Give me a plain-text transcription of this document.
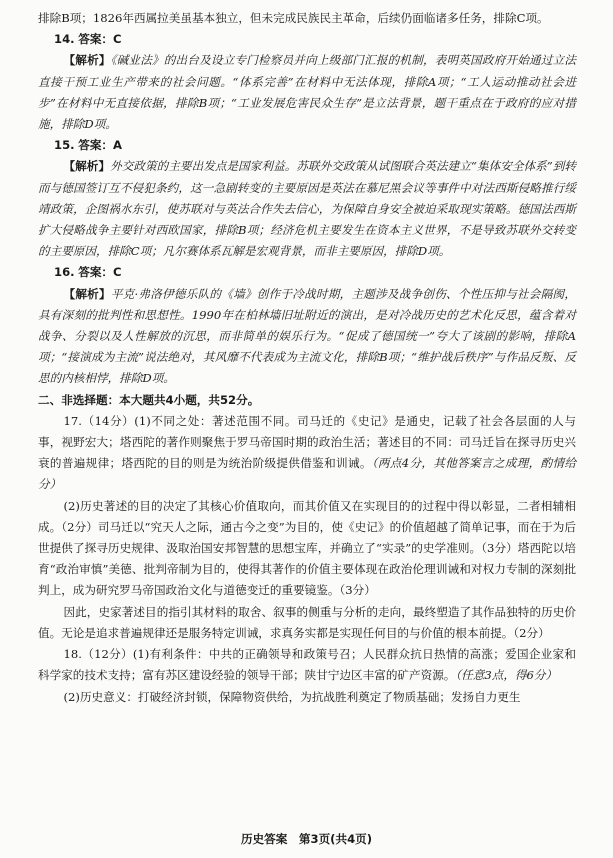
排除B项；1826年西属拉美虽基本独立，但未完成民族民主革命，后续仍面临诸多任务，排除C项。

14. 答案：C

【解析】《碱业法》的出台及设立专门检察员并向上级部门汇报的机制，表明英国政府开始通过立法直接干预工业生产带来的社会问题。“体系完善”在材料中无法体现，排除A项；“工人运动推动社会进步”在材料中无直接依据，排除B项；“工业发展危害民众生存”是立法背景，题干重点在于政府的应对措施，排除D项。

15. 答案：A

【解析】外交政策的主要出发点是国家利益。苏联外交政策从试图联合英法建立“集体安全体系”到转而与德国签订互不侵犯条约，这一急剧转变的主要原因是英法在慕尼黑会议等事件中对法西斯侵略推行绥靖政策，企图祸水东引，使苏联对与英法合作失去信心，为保障自身安全被迫采取现实策略。德国法西斯扩大侵略战争主要针对西欧国家，排除B项；经济危机主要发生在资本主义世界，不是导致苏联外交转变的主要原因，排除C项；凡尔赛体系瓦解是宏观背景，而非主要原因，排除D项。

16. 答案：C

【解析】平克·弗洛伊德乐队的《墙》创作于冷战时期，主题涉及战争创伤、个性压抑与社会隔阂，具有深刻的批判性和思想性。1990年在柏林墙旧址附近的演出，是对冷战历史的艺术化反思，蕴含着对战争、分裂以及人性解放的沉思，而非简单的娱乐行为。“促成了德国统一”夸大了该剧的影响，排除A项；“接演成为主流”说法绝对，其风靡不代表成为主流文化，排除B项；“维护战后秩序”与作品反叛、反思的内核相悖，排除D项。

二、非选择题：本大题共4小题，共52分。

17.（14分）(1)不同之处：著述范围不同。司马迁的《史记》是通史，记载了社会各层面的人与事，视野宏大；塔西陀的著作则聚焦于罗马帝国时期的政治生活；著述目的不同：司马迁旨在探寻历史兴衰的普遍规律；塔西陀的目的则是为统治阶级提供借鉴和训诫。（两点4分，其他答案言之成理，酌情给分）

(2)历史著述的目的决定了其核心价值取向，而其价值又在实现目的的过程中得以彰显，二者相辅相成。（2分）司马迁以“究天人之际，通古今之变”为目的，使《史记》的价值超越了简单记事，而在于为后世提供了探寻历史规律、汲取治国安邦智慧的思想宝库，并确立了“实录”的史学准则。（3分）塔西陀以培育“政治审慎”美德、批判帝制为目的，使得其著作的价值主要体现在政治伦理训诫和对权力专制的深刻批判上，成为研究罗马帝国政治文化与道德变迁的重要镜鉴。（3分）

因此，史家著述目的指引其材料的取舍、叙事的侧重与分析的走向，最终塑造了其作品独特的历史价值。无论是追求普遍规律还是服务特定训诫，求真务实都是实现任何目的与价值的根本前提。（2分）

18.（12分）(1)有利条件：中共的正确领导和政策号召；人民群众抗日热情的高涨；爱国企业家和科学家的技术支持；富有苏区建设经验的领导干部；陕甘宁边区丰富的矿产资源。（任意3点，得6分）

(2)历史意义：打破经济封锁，保障物资供给，为抗战胜利奠定了物质基础；发扬自力更生

历史答案　第3页(共4页)
